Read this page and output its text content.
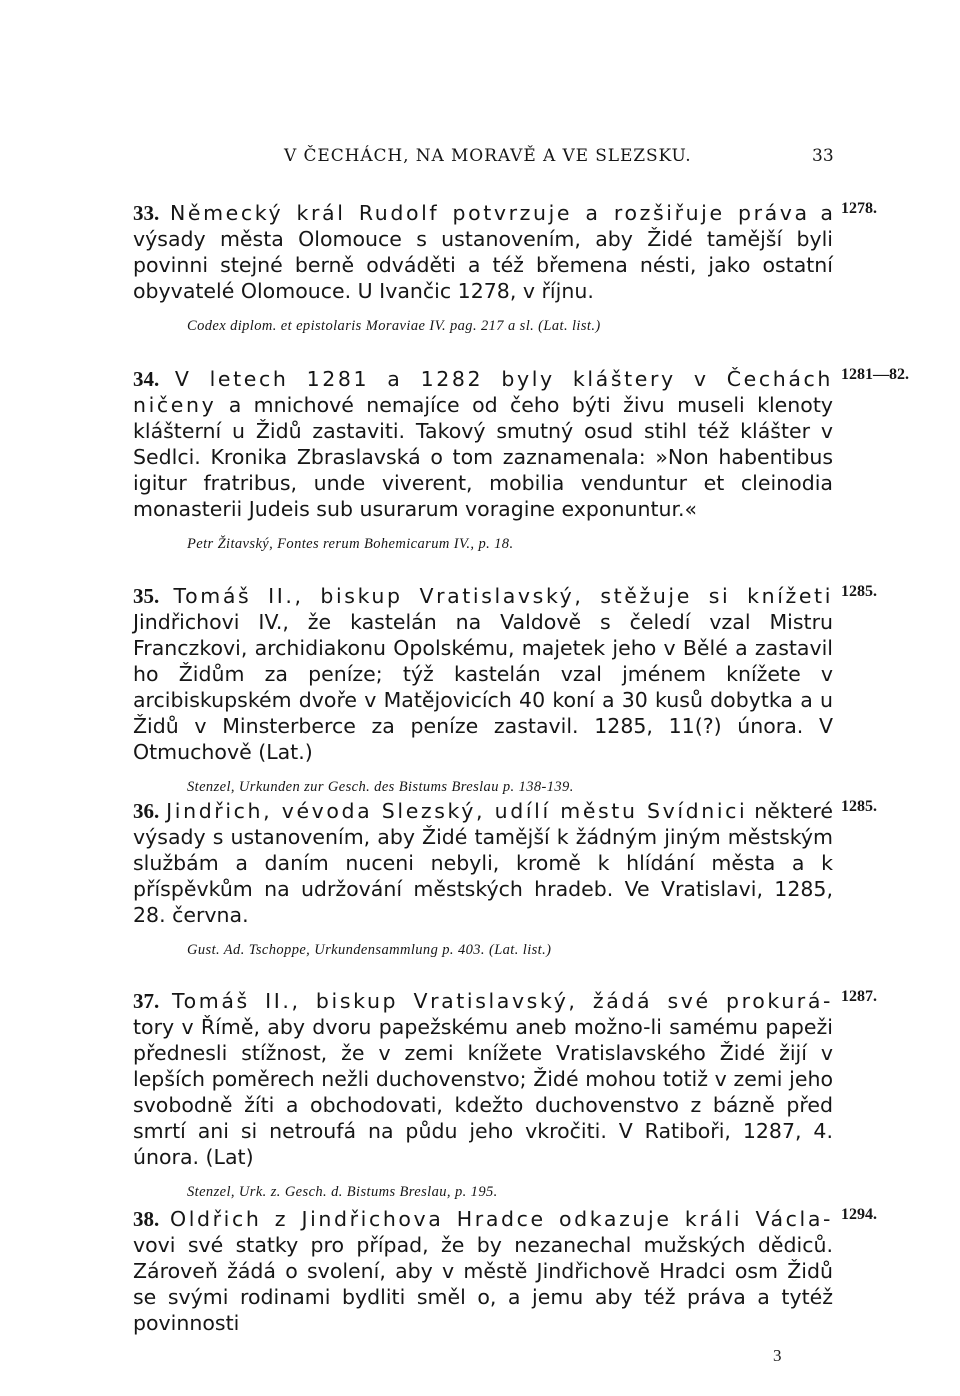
V ČECHÁCH, NA MORAVĚ A VE SLEZSKU.	33
1278.

33. Německý král Rudolf potvrzuje a rozšiřuje práva a výsady města Olomouce s ustanovením, aby Židé tamější byli povinni stejné berně odváděti a též břemena nésti, jako ostatní obyvatelé Olomouce. U Ivančic 1278, v říjnu.

Codex diplom. et epistolaris Moraviae IV. pag. 217 a sl. (Lat. list.)
1281—82.

34. V letech 1281 a 1282 byly kláštery v Čechách ničeny a mnichové nemajíce od čeho býti živu museli klenoty klášterní u Židů zastaviti. Takový smutný osud stihl též klášter v Sedlci. Kronika Zbraslavská o tom zaznamenala: »Non habentibus igitur fratribus, unde viverent, mobilia venduntur et cleinodia monasterii Judeis sub usurarum voragine exponuntur.«

Petr Žitavský, Fontes rerum Bohemicarum IV., p. 18.
1285.

35. Tomáš II., biskup Vratislavský, stěžuje si knížeti Jindřichovi IV., že kastelán na Valdově s čeledí vzal Mistru Franczkovi, archidiakonu Opolskému, majetek jeho v Bělé a zastavil ho Židům za peníze; týž kastelán vzal jménem knížete v arcibiskupském dvoře v Matějovicích 40 koní a 30 kusů dobytka a u Židů v Minsterberce za peníze zastavil. 1285, 11(?) února. V Otmuchově (Lat.)

Stenzel, Urkunden zur Gesch. des Bistums Breslau p. 138-139.
1285.

36. Jindřich, vévoda Slezský, udílí městu Svídnici některé výsady s ustanovením, aby Židé tamější k žádným jiným městským službám a daním nuceni nebyli, kromě k hlídání města a k příspěvkům na udržování městských hradeb. Ve Vratislavi, 1285, 28. června.

Gust. Ad. Tschoppe, Urkundensammlung p. 403. (Lat. list.)
1287.

37. Tomáš II., biskup Vratislavský, žádá své prokurá- tory v Římě, aby dvoru papežskému aneb možno-li samému papeži přednesli stížnost, že v zemi knížete Vratislavského Židé žijí v lepších poměrech nežli duchovenstvo; Židé mohou totiž v zemi jeho svobodně žíti a obchodovati, kdežto duchovenstvo z bázně před smrtí ani si netroufá na půdu jeho vkročiti. V Ratiboři, 1287, 4. února. (Lat)

Stenzel, Urk. z. Gesch. d. Bistums Breslau, p. 195.
1294.

38. Oldřich z Jindřichova Hradce odkazuje králi Václa- vovi své statky pro případ, že by nezanechal mužských dědiců. Zároveň žádá o svolení, aby v městě Jindřichově Hradci osm Židů se svými rodinami bydliti směl o, a jemu aby též práva a tytéž povinnosti

3
